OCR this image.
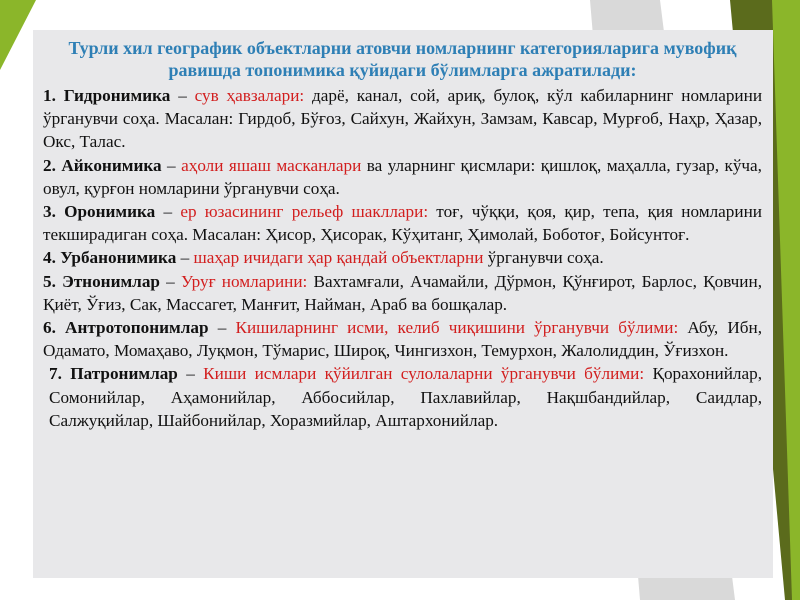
Турли хил географик объектларни атовчи номларнинг категорияларига мувофиқ равишда топонимика қуйидаги бўлимларга ажратилади:

1. Гидронимика – сув ҳавзалари: дарё, канал, сой, ариқ, булоқ, кўл кабиларнинг номларини ўрганувчи соҳа. Масалан: Гирдоб, Бўғоз, Сайхун, Жайхун, Замзам, Кавсар, Мурғоб, Наҳр, Ҳазар, Окс, Талас.

2. Айконимика – аҳоли яшаш масканлари ва уларнинг қисмлари: қишлоқ, маҳалла, гузар, кўча, овул, қурғон номларини ўрганувчи соҳа.

3. Оронимика – ер юзасининг рельеф шакллари: тоғ, чўққи, қоя, қир, тепа, қия номларини текширадиган соҳа. Масалан: Ҳисор, Ҳисорак, Кўҳитанг, Ҳимолай, Боботоғ, Бойсунтоғ.

4. Урбанонимика – шаҳар ичидаги ҳар қандай объектларни ўрганувчи соҳа.

5. Этнонимлар – Уруғ номларини: Вахтамғали, Ачамайли, Дўрмон, Қўнғирот, Барлос, Қовчин, Қиёт, Ўғиз, Сак, Массагет, Манғит, Найман, Араб ва бошқалар.

6. Антротопонимлар – Кишиларнинг исми, келиб чиқишини ўрганувчи бўлими: Абу, Ибн, Одамато, Момаҳаво, Луқмон, Тўмарис, Широқ, Чингизхон, Темурхон, Жалолиддин, Ўғизхон.

7. Патронимлар – Киши исмлари қўйилган сулолаларни ўрганувчи бўлими: Қорахонийлар, Сомонийлар, Аҳамонийлар, Аббосийлар, Пахлавийлар, Нақшбандийлар, Саидлар, Салжуқийлар, Шайбонийлар, Хоразмийлар, Аштархонийлар.
